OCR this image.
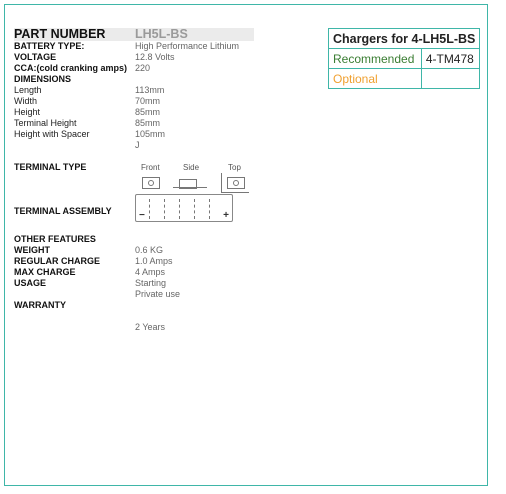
PART NUMBER LH5L-BS
BATTERY TYPE:	High Performance Lithium
VOLTAGE	12.8 Volts
CCA:(cold cranking amps) 220
DIMENSIONS
Length	113mm
Width	70mm
Height	85mm
Terminal Height	85mm
Height with Spacer	105mm
J
TERMINAL TYPE
TERMINAL ASSEMBLY
OTHER FEATURES
WEIGHT	0.6 KG
REGULAR CHARGE	1.0 Amps
MAX CHARGE	4 Amps
USAGE	Starting
Private use
WARRANTY
2 Years
Front	Side	Top
−	+
Chargers for 4-LH5L-BS	
Recommended	4-TM478
Optional	
